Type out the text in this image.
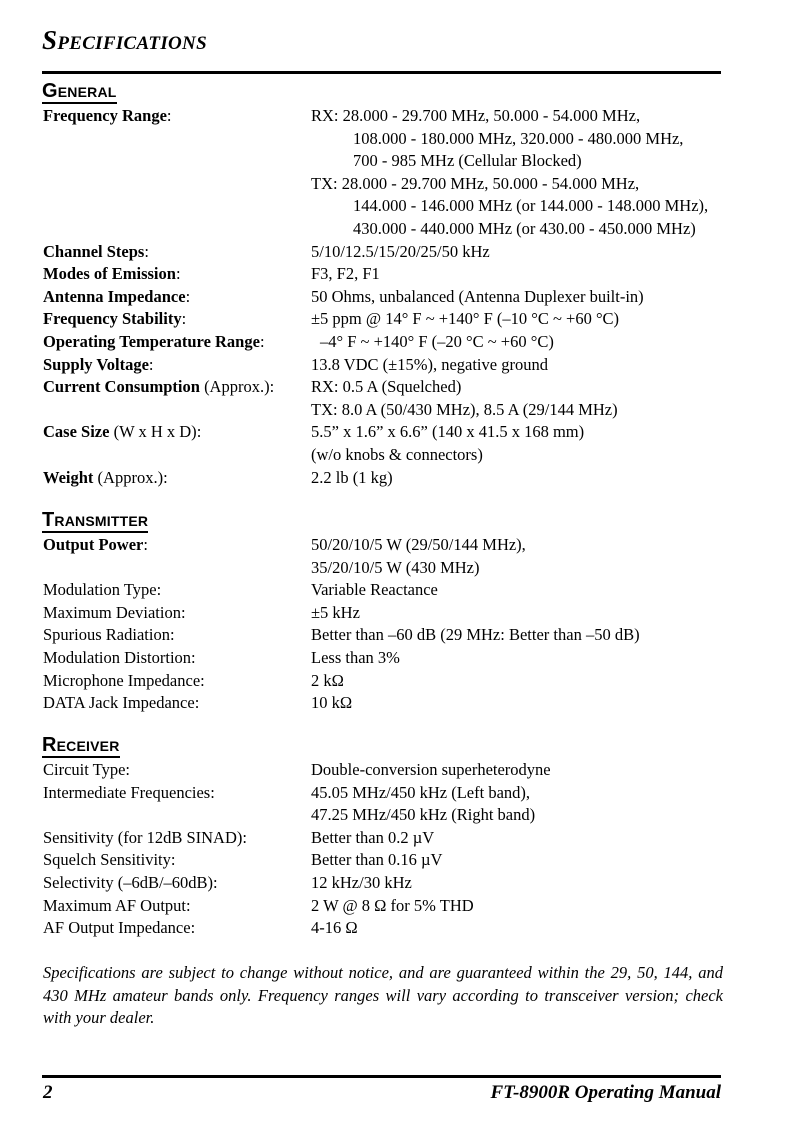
Specifications
General
Frequency Range:	RX: 28.000 - 29.700 MHz, 50.000 - 54.000 MHz,
108.000 - 180.000 MHz, 320.000 - 480.000 MHz,
700 - 985 MHz (Cellular Blocked)
TX: 28.000 - 29.700 MHz, 50.000 - 54.000 MHz,
144.000 - 146.000 MHz (or 144.000 - 148.000 MHz),
430.000 - 440.000 MHz (or 430.00 - 450.000 MHz)
Channel Steps:	5/10/12.5/15/20/25/50 kHz
Modes of Emission:	F3, F2, F1
Antenna Impedance:	50 Ohms, unbalanced (Antenna Duplexer built-in)
Frequency Stability:	±5 ppm @ 14° F ~ +140° F (–10 °C ~ +60 °C)
Operating Temperature Range:	–4° F ~ +140° F (–20 °C ~ +60 °C)
Supply Voltage:	13.8 VDC (±15%), negative ground
Current Consumption (Approx.):	RX: 0.5 A (Squelched)
TX: 8.0 A (50/430 MHz), 8.5 A (29/144 MHz)
Case Size (W x H x D):	5.5” x 1.6” x 6.6” (140 x 41.5 x 168 mm)
(w/o knobs & connectors)
Weight (Approx.):	2.2 lb (1 kg)
Transmitter
Output Power:	50/20/10/5 W (29/50/144 MHz),
35/20/10/5 W (430 MHz)
Modulation Type:	Variable Reactance
Maximum Deviation:	±5 kHz
Spurious Radiation:	Better than –60 dB (29 MHz: Better than –50 dB)
Modulation Distortion:	Less than 3%
Microphone Impedance:	2 kΩ
DATA Jack Impedance:	10 kΩ
Receiver
Circuit Type:	Double-conversion superheterodyne
Intermediate Frequencies:	45.05 MHz/450 kHz (Left band),
47.25 MHz/450 kHz (Right band)
Sensitivity (for 12dB SINAD):	Better than 0.2 µV
Squelch Sensitivity:	Better than 0.16 µV
Selectivity (–6dB/–60dB):	12 kHz/30 kHz
Maximum AF Output:	2 W @ 8 Ω for 5% THD
AF Output Impedance:	4-16 Ω

Specifications are subject to change without notice, and are guaranteed within the 29, 50, 144, and 430 MHz amateur bands only. Frequency ranges will vary according to transceiver version; check with your dealer.

2	FT-8900R Operating Manual
